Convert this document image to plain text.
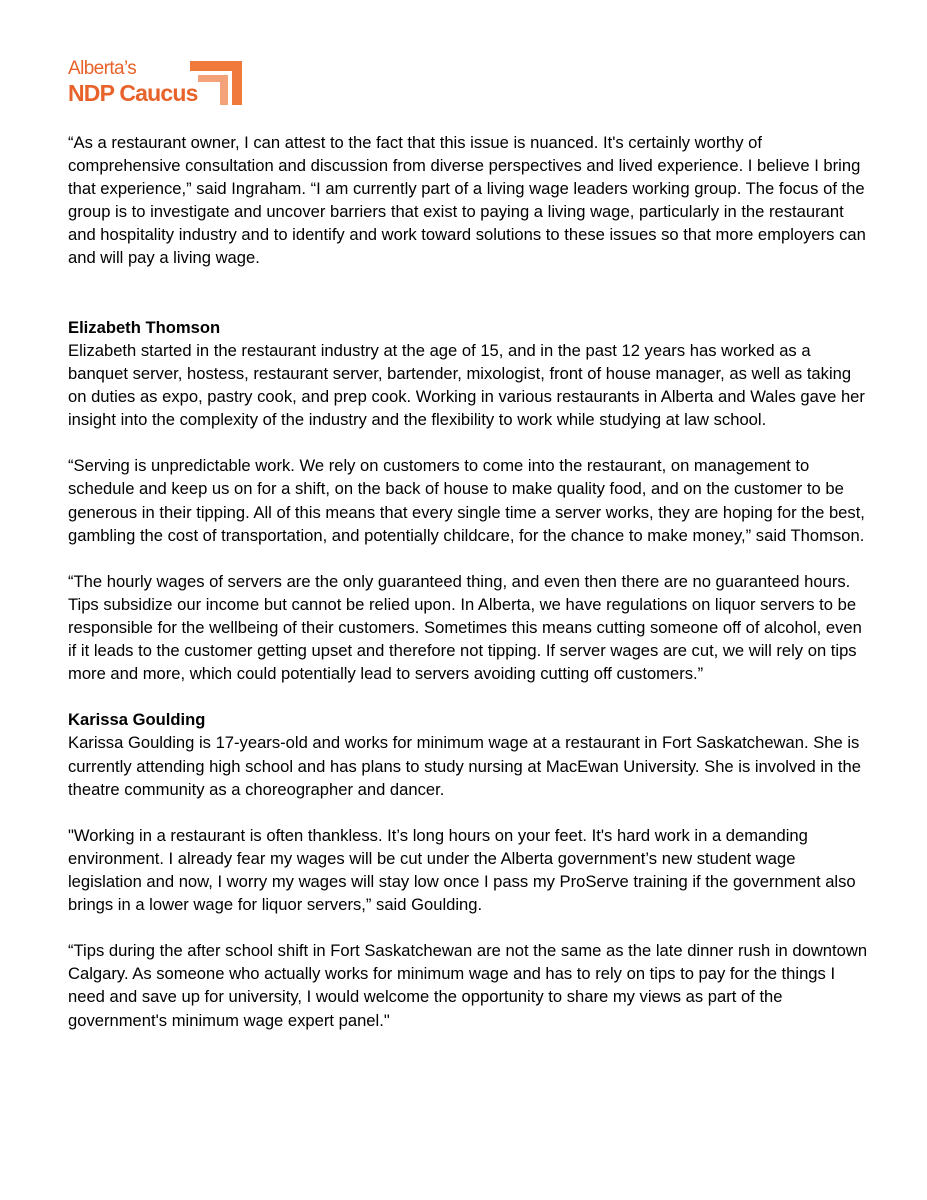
Alberta’s
NDP Caucus

“As a restaurant owner, I can attest to the fact that this issue is nuanced. It's certainly worthy of comprehensive consultation and discussion from diverse perspectives and lived experience. I believe I bring that experience,” said Ingraham. “I am currently part of a living wage leaders working group. The focus of the group is to investigate and uncover barriers that exist to paying a living wage, particularly in the restaurant and hospitality industry and to identify and work toward solutions to these issues so that more employers can and will pay a living wage.

Elizabeth Thomson

Elizabeth started in the restaurant industry at the age of 15, and in the past 12 years has worked as a banquet server, hostess, restaurant server, bartender, mixologist, front of house manager, as well as taking on duties as expo, pastry cook, and prep cook. Working in various restaurants in Alberta and Wales gave her insight into the complexity of the industry and the flexibility to work while studying at law school.

“Serving is unpredictable work. We rely on customers to come into the restaurant, on management to schedule and keep us on for a shift, on the back of house to make quality food, and on the customer to be generous in their tipping. All of this means that every single time a server works, they are hoping for the best, gambling the cost of transportation, and potentially childcare, for the chance to make money,” said Thomson.

“The hourly wages of servers are the only guaranteed thing, and even then there are no guaranteed hours. Tips subsidize our income but cannot be relied upon. In Alberta, we have regulations on liquor servers to be responsible for the wellbeing of their customers. Sometimes this means cutting someone off of alcohol, even if it leads to the customer getting upset and therefore not tipping. If server wages are cut, we will rely on tips more and more, which could potentially lead to servers avoiding cutting off customers.”

Karissa Goulding

Karissa Goulding is 17-years-old and works for minimum wage at a restaurant in Fort Saskatchewan. She is currently attending high school and has plans to study nursing at MacEwan University. She is involved in the theatre community as a choreographer and dancer.

"Working in a restaurant is often thankless. It’s long hours on your feet. It's hard work in a demanding environment. I already fear my wages will be cut under the Alberta government’s new student wage legislation and now, I worry my wages will stay low once I pass my ProServe training if the government also brings in a lower wage for liquor servers,” said Goulding.

“Tips during the after school shift in Fort Saskatchewan are not the same as the late dinner rush in downtown Calgary. As someone who actually works for minimum wage and has to rely on tips to pay for the things I need and save up for university, I would welcome the opportunity to share my views as part of the government's minimum wage expert panel."
